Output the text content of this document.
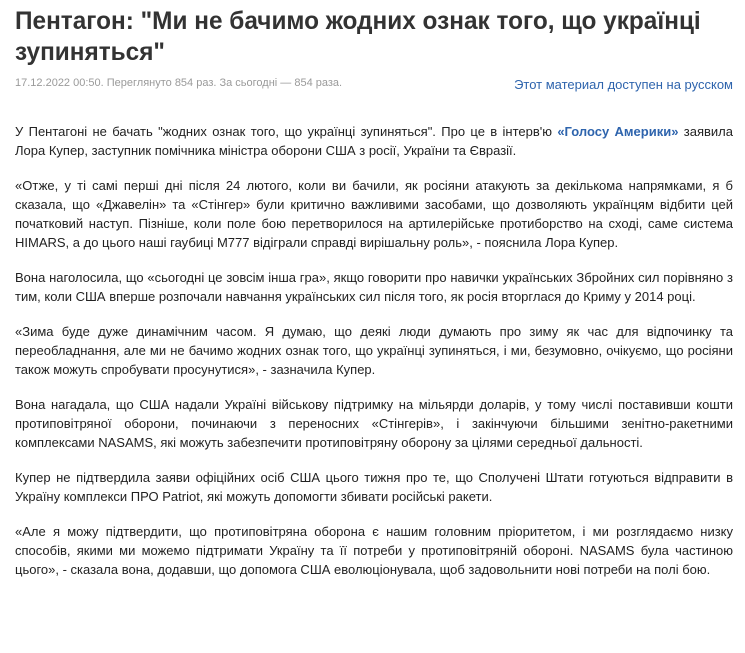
Пентагон: "Ми не бачимо жодних ознак того, що українці зупиняться"
17.12.2022 00:50. Переглянуто 854 раз. За сьогодні — 854 раза.	Этот материал доступен на русском

У Пентагоні не бачать "жодних ознак того, що українці зупиняться". Про це в інтерв'ю «Голосу Америки» заявила Лора Купер, заступник помічника міністра оборони США з росії, України та Євразії.

«Отже, у ті самі перші дні після 24 лютого, коли ви бачили, як росіяни атакують за декількома напрямками, я б сказала, що «Джавелін» та «Стінгер» були критично важливими засобами, що дозволяють українцям відбити цей початковий наступ. Пізніше, коли поле бою перетворилося на артилерійське протиборство на сході, саме система HIMARS, а до цього наші гаубиці M777 відіграли справді вирішальну роль», - пояснила Лора Купер.

Вона наголосила, що «сьогодні це зовсім інша гра», якщо говорити про навички українських Збройних сил порівняно з тим, коли США вперше розпочали навчання українських сил після того, як росія вторглася до Криму у 2014 році.

«Зима буде дуже динамічним часом. Я думаю, що деякі люди думають про зиму як час для відпочинку та переобладнання, але ми не бачимо жодних ознак того, що українці зупиняться, і ми, безумовно, очікуємо, що росіяни також можуть спробувати просунутися», - зазначила Купер.

Вона нагадала, що США надали Україні військову підтримку на мільярди доларів, у тому числі поставивши кошти протиповітряної оборони, починаючи з переносних «Стінгерів», і закінчуючи більшими зенітно-ракетними комплексами NASAMS, які можуть забезпечити протиповітряну оборону за цілями середньої дальності.

Купер не підтвердила заяви офіційних осіб США цього тижня про те, що Сполучені Штати готуються відправити в Україну комплекси ПРО Patriot, які можуть допомогти збивати російські ракети.

«Але я можу підтвердити, що протиповітряна оборона є нашим головним пріоритетом, і ми розглядаємо низку способів, якими ми можемо підтримати Україну та її потреби у протиповітряній обороні. NASAMS була частиною цього», - сказала вона, додавши, що допомога США еволюціонувала, щоб задовольнити нові потреби на полі бою.
